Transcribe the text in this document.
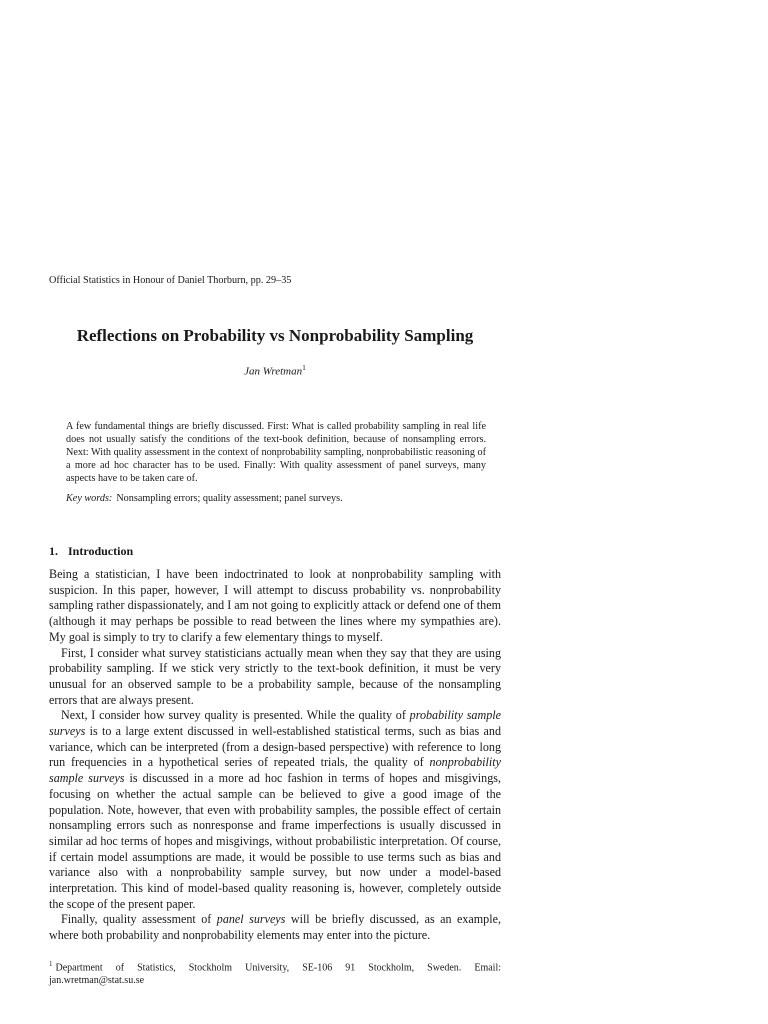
Official Statistics in Honour of Daniel Thorburn, pp. 29–35
Reflections on Probability vs Nonprobability Sampling

Jan Wretman$^1$

A few fundamental things are briefly discussed. First: What is called probability sampling in real life does not usually satisfy the conditions of the text-book definition, because of nonsampling errors. Next: With quality assessment in the context of nonprobability sampling, nonprobabilistic reasoning of a more ad hoc character has to be used. Finally: With quality assessment of panel surveys, many aspects have to be taken care of.

Key words: Nonsampling errors; quality assessment; panel surveys.

1. Introduction

Being a statistician, I have been indoctrinated to look at nonprobability sampling with suspicion. In this paper, however, I will attempt to discuss probability vs. nonprobability sampling rather dispassionately, and I am not going to explicitly attack or defend one of them (although it may perhaps be possible to read between the lines where my sympathies are). My goal is simply to try to clarify a few elementary things to myself.

First, I consider what survey statisticians actually mean when they say that they are using probability sampling. If we stick very strictly to the text-book definition, it must be very unusual for an observed sample to be a probability sample, because of the nonsampling errors that are always present.

Next, I consider how survey quality is presented. While the quality of probability sample surveys is to a large extent discussed in well-established statistical terms, such as bias and variance, which can be interpreted (from a design-based perspective) with reference to long run frequencies in a hypothetical series of repeated trials, the quality of nonprobability sample surveys is discussed in a more ad hoc fashion in terms of hopes and misgivings, focusing on whether the actual sample can be believed to give a good image of the population. Note, however, that even with probability samples, the possible effect of certain nonsampling errors such as nonresponse and frame imperfections is usually discussed in similar ad hoc terms of hopes and misgivings, without probabilistic interpretation. Of course, if certain model assumptions are made, it would be possible to use terms such as bias and variance also with a nonprobability sample survey, but now under a model-based interpretation. This kind of model-based quality reasoning is, however, completely outside the scope of the present paper.

Finally, quality assessment of panel surveys will be briefly discussed, as an example, where both probability and nonprobability elements may enter into the picture.

$^1$ Department of Statistics, Stockholm University, SE-106 91 Stockholm, Sweden. Email: jan.wretman@stat.su.se
